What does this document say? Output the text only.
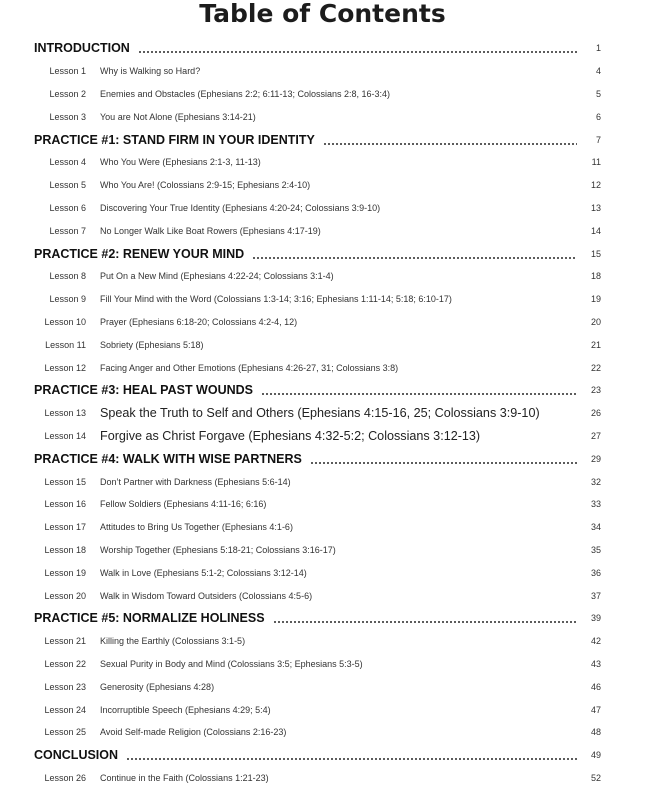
Table of Contents
INTRODUCTION	1
Lesson 1	Why is Walking so Hard?	4
Lesson 2	Enemies and Obstacles (Ephesians 2:2; 6:11-13; Colossians 2:8, 16-3:4)	5
Lesson 3	You are Not Alone (Ephesians 3:14-21)	6
PRACTICE #1: STAND FIRM IN YOUR IDENTITY	7
Lesson 4	Who You Were (Ephesians 2:1-3, 11-13)	11
Lesson 5	Who You Are! (Colossians 2:9-15; Ephesians 2:4-10)	12
Lesson 6	Discovering Your True Identity (Ephesians 4:20-24; Colossians 3:9-10)	13
Lesson 7	No Longer Walk Like Boat Rowers (Ephesians 4:17-19)	14
PRACTICE #2: RENEW YOUR MIND	15
Lesson 8	Put On a New Mind (Ephesians 4:22-24; Colossians 3:1-4)	18
Lesson 9	Fill Your Mind with the Word (Colossians 1:3-14; 3:16; Ephesians 1:11-14; 5:18; 6:10-17)	19
Lesson 10	Prayer (Ephesians 6:18-20; Colossians 4:2-4, 12)	20
Lesson 11	Sobriety (Ephesians 5:18)	21
Lesson 12	Facing Anger and Other Emotions (Ephesians 4:26-27, 31; Colossians 3:8)	22
PRACTICE #3: HEAL PAST WOUNDS	23
Lesson 13	Speak the Truth to Self and Others (Ephesians 4:15-16, 25; Colossians 3:9-10)	26
Lesson 14	Forgive as Christ Forgave (Ephesians 4:32-5:2; Colossians 3:12-13)	27
PRACTICE #4: WALK WITH WISE PARTNERS	29
Lesson 15	Don’t Partner with Darkness (Ephesians 5:6-14)	32
Lesson 16	Fellow Soldiers (Ephesians 4:11-16; 6:16)	33
Lesson 17	Attitudes to Bring Us Together (Ephesians 4:1-6)	34
Lesson 18	Worship Together (Ephesians 5:18-21; Colossians 3:16-17)	35
Lesson 19	Walk in Love (Ephesians 5:1-2; Colossians 3:12-14)	36
Lesson 20	Walk in Wisdom Toward Outsiders (Colossians 4:5-6)	37
PRACTICE #5: NORMALIZE HOLINESS	39
Lesson 21	Killing the Earthly (Colossians 3:1-5)	42
Lesson 22	Sexual Purity in Body and Mind (Colossians 3:5; Ephesians 5:3-5)	43
Lesson 23	Generosity (Ephesians 4:28)	46
Lesson 24	Incorruptible Speech (Ephesians 4:29; 5:4)	47
Lesson 25	Avoid Self-made Religion (Colossians 2:16-23)	48
CONCLUSION	49
Lesson 26	Continue in the Faith (Colossians 1:21-23)	52
